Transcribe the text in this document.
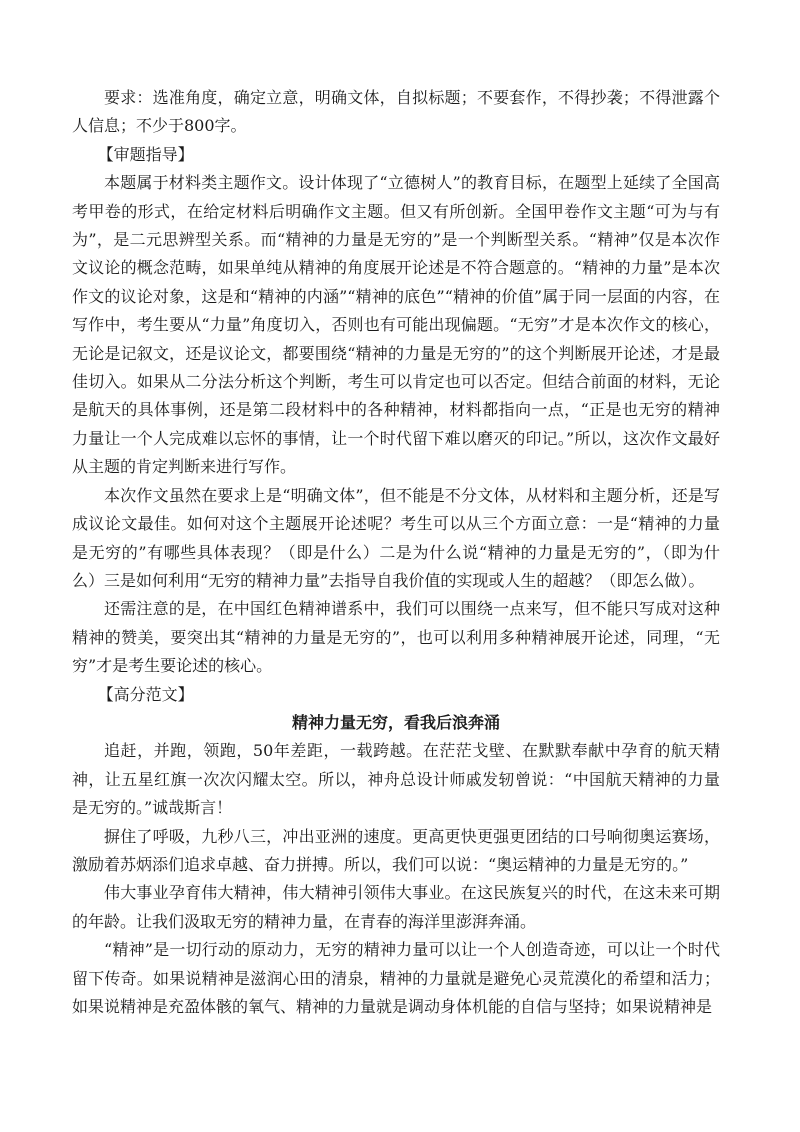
要求：选准角度，确定立意，明确文体，自拟标题；不要套作，不得抄袭；不得泄露个人信息；不少于800字。

【审题指导】

本题属于材料类主题作文。设计体现了“立德树人”的教育目标，在题型上延续了全国高考甲卷的形式，在给定材料后明确作文主题。但又有所创新。全国甲卷作文主题“可为与有为”，是二元思辨型关系。而“精神的力量是无穷的”是一个判断型关系。“精神”仅是本次作文议论的概念范畴，如果单纯从精神的角度展开论述是不符合题意的。“精神的力量”是本次作文的议论对象，这是和“精神的内涵”“精神的底色”“精神的价值”属于同一层面的内容，在写作中，考生要从“力量”角度切入，否则也有可能出现偏题。“无穷”才是本次作文的核心，无论是记叙文，还是议论文，都要围绕“精神的力量是无穷的”的这个判断展开论述，才是最佳切入。如果从二分法分析这个判断，考生可以肯定也可以否定。但结合前面的材料，无论是航天的具体事例，还是第二段材料中的各种精神，材料都指向一点，“正是也无穷的精神力量让一个人完成难以忘怀的事情，让一个时代留下难以磨灭的印记。”所以，这次作文最好从主题的肯定判断来进行写作。

本次作文虽然在要求上是“明确文体”，但不能是不分文体，从材料和主题分析，还是写成议论文最佳。如何对这个主题展开论述呢？考生可以从三个方面立意：一是“精神的力量是无穷的”有哪些具体表现？（即是什么）二是为什么说“精神的力量是无穷的”，（即为什么）三是如何利用“无穷的精神力量”去指导自我价值的实现或人生的超越？（即怎么做）。

还需注意的是，在中国红色精神谱系中，我们可以围绕一点来写，但不能只写成对这种精神的赞美，要突出其“精神的力量是无穷的”，也可以利用多种精神展开论述，同理，“无穷”才是考生要论述的核心。

【高分范文】

精神力量无穷，看我后浪奔涌

追赶，并跑，领跑，50年差距，一载跨越。在茫茫戈壁、在默默奉献中孕育的航天精神，让五星红旗一次次闪耀太空。所以，神舟总设计师戚发轫曾说：“中国航天精神的力量是无穷的。”诚哉斯言！

摒住了呼吸，九秒八三，冲出亚洲的速度。更高更快更强更团结的口号响彻奥运赛场，激励着苏炳添们追求卓越、奋力拼搏。所以，我们可以说：“奥运精神的力量是无穷的。”

伟大事业孕育伟大精神，伟大精神引领伟大事业。在这民族复兴的时代，在这未来可期的年龄。让我们汲取无穷的精神力量，在青春的海洋里澎湃奔涌。

“精神”是一切行动的原动力，无穷的精神力量可以让一个人创造奇迹，可以让一个时代留下传奇。如果说精神是滋润心田的清泉，精神的力量就是避免心灵荒漠化的希望和活力；如果说精神是充盈体骸的氧气、精神的力量就是调动身体机能的自信与坚持；如果说精神是
